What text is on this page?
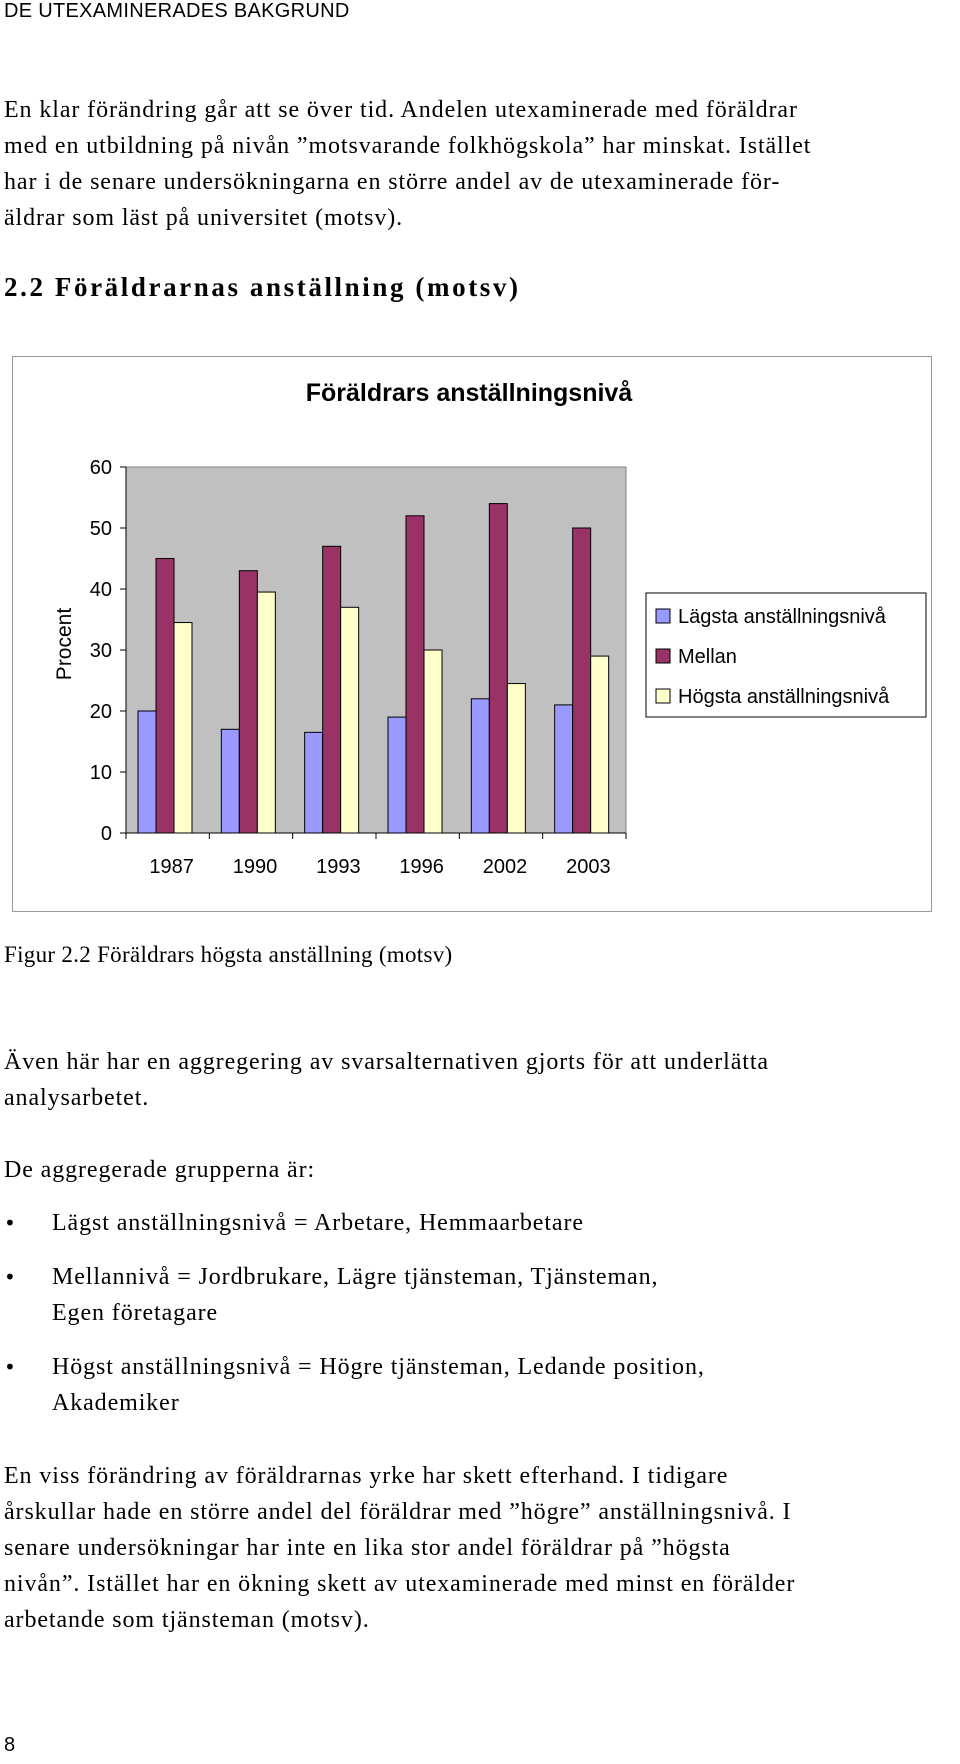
DE UTEXAMINERADES BAKGRUND
En klar förändring går att se över tid. Andelen utexaminerade med föräldrar
med en utbildning på nivån ”motsvarande folkhögskola” har minskat. Istället
har i de senare undersökningarna en större andel av de utexaminerade för-
äldrar som läst på universitet (motsv).
2.2 Föräldrarnas anställning (motsv)
Föräldrars anställningsnivå
0
10
20
30
40
50
60
Procent
1987 1990 1993 1996 2002 2003
Lägsta anställningsnivå
Mellan
Högsta anställningsnivå
Figur 2.2 Föräldrars högsta anställning (motsv)
Även här har en aggregering av svarsalternativen gjorts för att underlätta
analysarbetet.
De aggregerade grupperna är:
• Lägst anställningsnivå = Arbetare, Hemmaarbetare
• Mellannivå = Jordbrukare, Lägre tjänsteman, Tjänsteman,
Egen företagare
• Högst anställningsnivå = Högre tjänsteman, Ledande position,
Akademiker
En viss förändring av föräldrarnas yrke har skett efterhand. I tidigare
årskullar hade en större andel del föräldrar med ”högre” anställningsnivå. I
senare undersökningar har inte en lika stor andel föräldrar på ”högsta
nivån”. Istället har en ökning skett av utexaminerade med minst en förälder
arbetande som tjänsteman (motsv).
8
